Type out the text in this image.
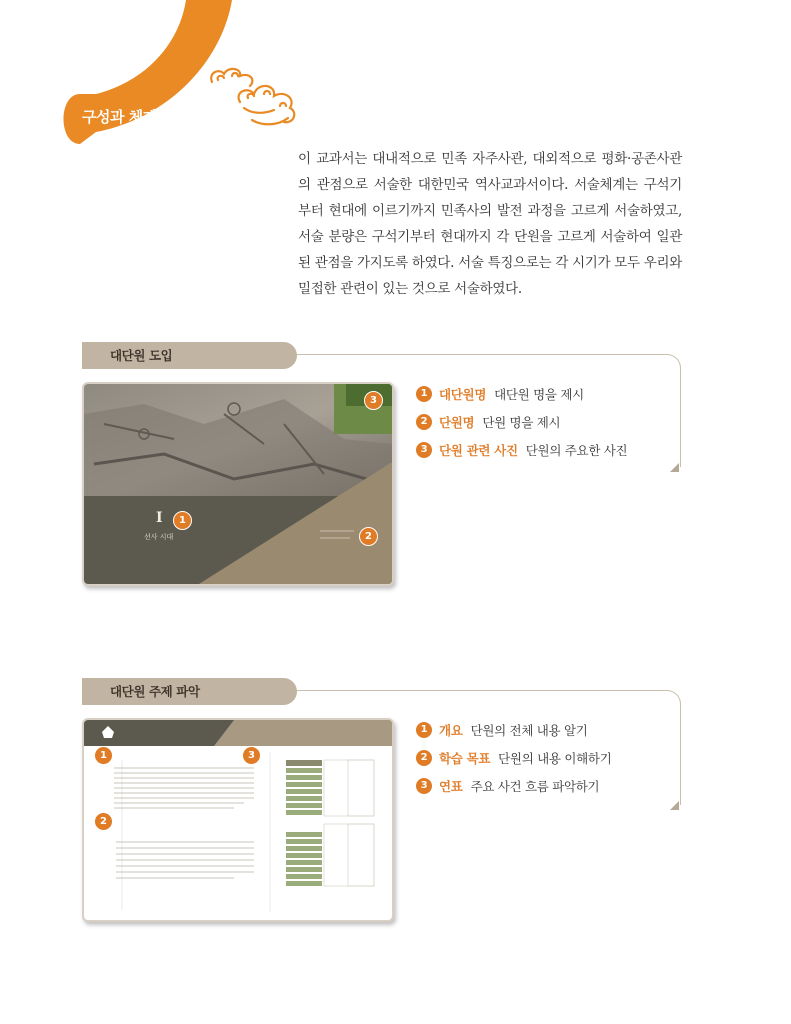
구성과 체제
이 교과서는 대내적으로 민족 자주사관, 대외적으로 평화·공존사관의 관점으로 서술한 대한민국 역사교과서이다. 서술체계는 구석기부터 현대에 이르기까지 민족사의 발전 과정을 고르게 서술하였고, 서술 분량은 구석기부터 현대까지 각 단원을 고르게 서술하여 일관된 관점을 가지도록 하였다. 서술 특징으로는 각 시기가 모두 우리와 밀접한 관련이 있는 것으로 서술하였다.
대단원 도입
I
선사 시대
1
2
3
1 대단원명 대단원 명을 제시
2 단원명 단원 명을 제시
3 단원 관련 사진 단원의 주요한 사진
대단원 주제 파악
1
2
3
1 개요 단원의 전체 내용 알기
2 학습 목표 단원의 내용 이해하기
3 연표 주요 사건 흐름 파악하기
